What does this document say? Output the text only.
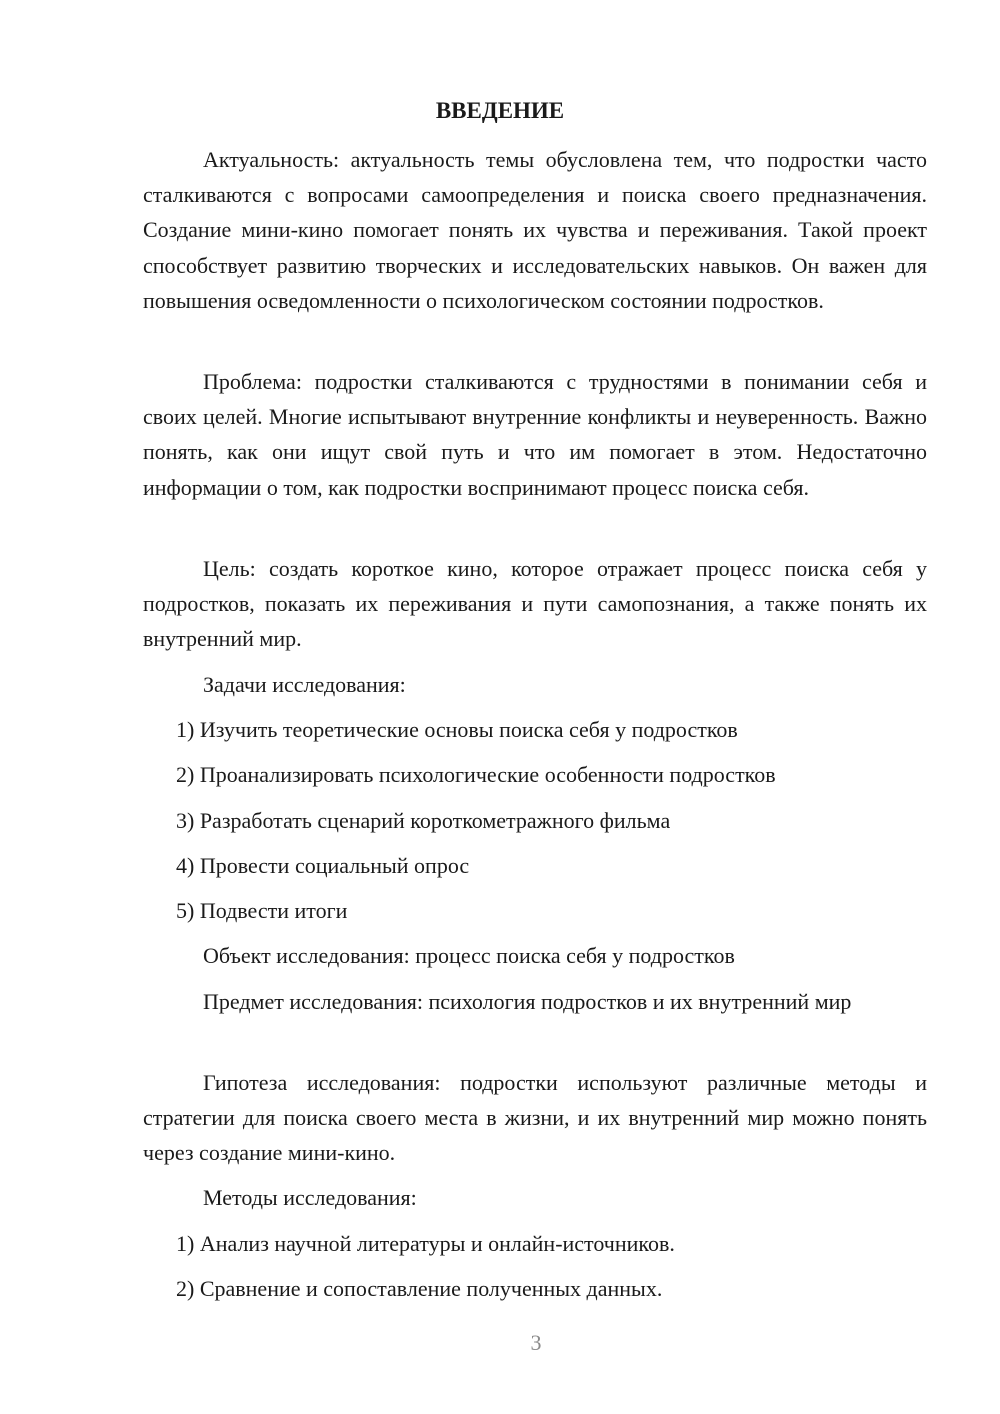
ВВЕДЕНИЕ

Актуальность: актуальность темы обусловлена тем, что подростки часто сталкиваются с вопросами самоопределения и поиска своего предназначения. Создание мини-кино помогает понять их чувства и переживания. Такой проект способствует развитию творческих и исследовательских навыков. Он важен для повышения осведомленности о психологическом состоянии подростков.

Проблема: подростки сталкиваются с трудностями в понимании себя и своих целей. Многие испытывают внутренние конфликты и неуверенность. Важно понять, как они ищут свой путь и что им помогает в этом. Недостаточно информации о том, как подростки воспринимают процесс поиска себя.

Цель: создать короткое кино, которое отражает процесс поиска себя у подростков, показать их переживания и пути самопознания, а также понять их внутренний мир.

Задачи исследования:
1) Изучить теоретические основы поиска себя у подростков
2) Проанализировать психологические особенности подростков
3) Разработать сценарий короткометражного фильма
4) Провести социальный опрос
5) Подвести итоги
Объект исследования: процесс поиска себя у подростков

Предмет исследования: психология подростков и их внутренний мир

Гипотеза исследования: подростки используют различные методы и стратегии для поиска своего места в жизни, и их внутренний мир можно понять через создание мини-кино.

Методы исследования:
1) Анализ научной литературы и онлайн-источников.
2) Сравнение и сопоставление полученных данных.
3
